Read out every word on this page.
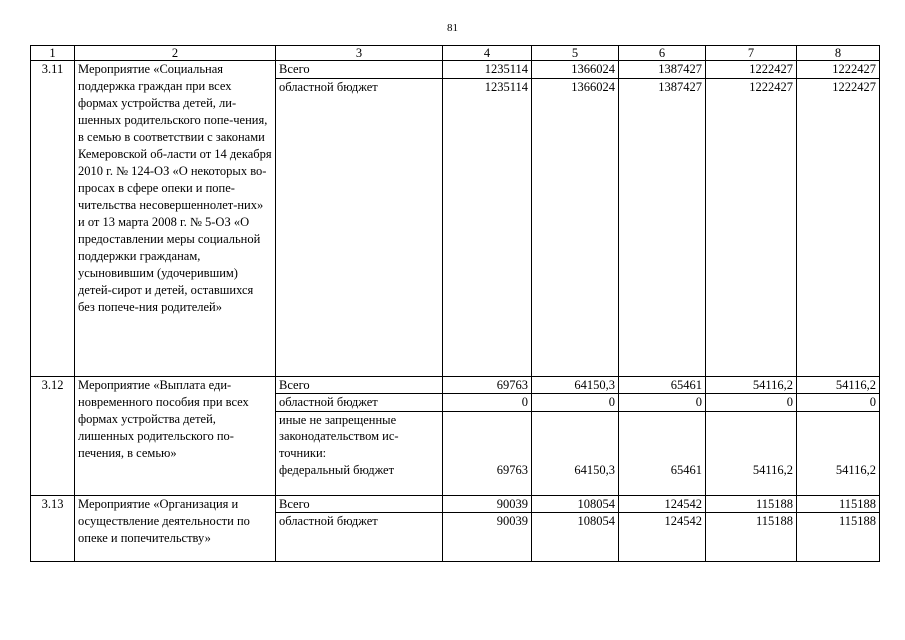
81
1	2	3	4	5	6	7	8
3.11	Мероприятие «Социальная поддержка граждан при всех формах устройства детей, ли-шенных родительского попе-чения, в семью в соответствии с законами Кемеровской об-ласти от 14 декабря 2010 г. № 124-ОЗ «О некоторых во-просах в сфере опеки и попе-чительства несовершеннолет-них» и от 13 марта 2008 г. № 5-ОЗ «О предоставлении меры социальной поддержки гражданам, усыновившим (удочерившим) детей-сирот и детей, оставшихся без попече-ния родителей»	Всего	1235114	1366024	1387427	1222427	1222427
		областной бюджет	1235114	1366024	1387427	1222427	1222427
3.12	Мероприятие «Выплата еди-новременного пособия при всех формах устройства детей, лишенных родительского по-печения, в семью»	Всего	69763	64150,3	65461	54116,2	54116,2
		областной бюджет	0	0	0	0	0
		иные не запрещенные законодательством ис-точники:					
		федеральный бюджет	69763	64150,3	65461	54116,2	54116,2
3.13	Мероприятие «Организация и осуществление деятельности по опеке и попечительству»	Всего	90039	108054	124542	115188	115188
		областной бюджет	90039	108054	124542	115188	115188
